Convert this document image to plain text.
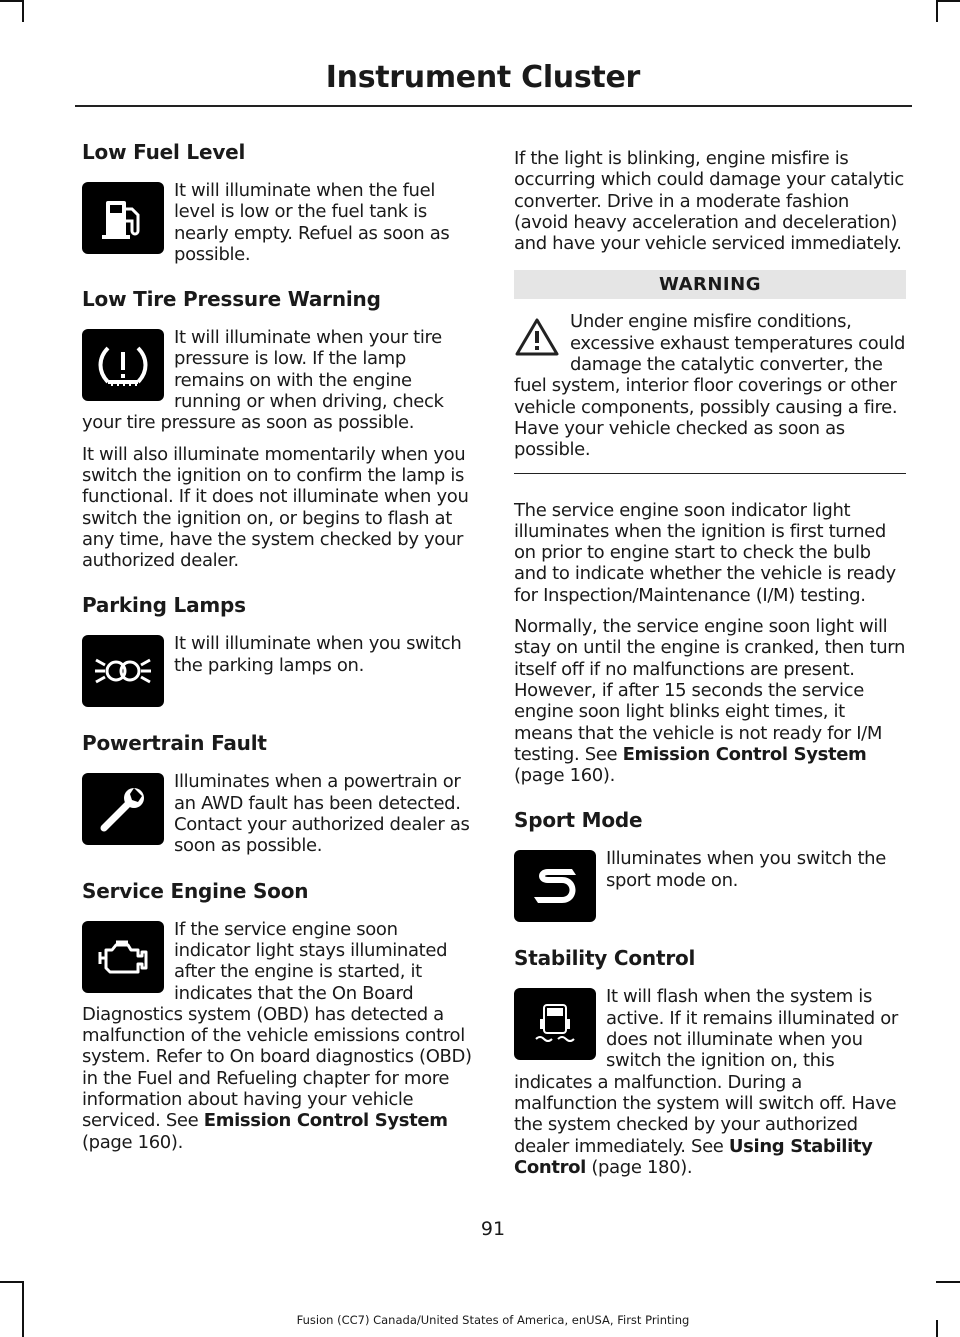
Instrument Cluster
Low Fuel Level

It will illuminate when the fuel level is low or the fuel tank is nearly empty. Refuel as soon as possible.

Low Tire Pressure Warning

It will illuminate when your tire pressure is low. If the lamp remains on with the engine running or when driving, check your tire pressure as soon as possible.

It will also illuminate momentarily when you switch the ignition on to confirm the lamp is functional. If it does not illuminate when you switch the ignition on, or begins to flash at any time, have the system checked by your authorized dealer.

Parking Lamps

It will illuminate when you switch the parking lamps on.

Powertrain Fault

Illuminates when a powertrain or an AWD fault has been detected. Contact your authorized dealer as soon as possible.

Service Engine Soon

If the service engine soon indicator light stays illuminated after the engine is started, it indicates that the On Board Diagnostics system (OBD) has detected a malfunction of the vehicle emissions control system. Refer to On board diagnostics (OBD) in the Fuel and Refueling chapter for more information about having your vehicle serviced. See Emission Control System (page 160).

If the light is blinking, engine misfire is occurring which could damage your catalytic converter. Drive in a moderate fashion (avoid heavy acceleration and deceleration) and have your vehicle serviced immediately.

WARNING

Under engine misfire conditions, excessive exhaust temperatures could damage the catalytic converter, the fuel system, interior floor coverings or other vehicle components, possibly causing a fire. Have your vehicle checked as soon as possible.

The service engine soon indicator light illuminates when the ignition is first turned on prior to engine start to check the bulb and to indicate whether the vehicle is ready for Inspection/Maintenance (I/M) testing.

Normally, the service engine soon light will stay on until the engine is cranked, then turn itself off if no malfunctions are present. However, if after 15 seconds the service engine soon light blinks eight times, it means that the vehicle is not ready for I/M testing. See Emission Control System (page 160).

Sport Mode

Illuminates when you switch the sport mode on.

Stability Control

It will flash when the system is active. If it remains illuminated or does not illuminate when you switch the ignition on, this indicates a malfunction. During a malfunction the system will switch off. Have the system checked by your authorized dealer immediately. See Using Stability Control (page 180).

91
Fusion (CC7) Canada/United States of America, enUSA, First Printing
